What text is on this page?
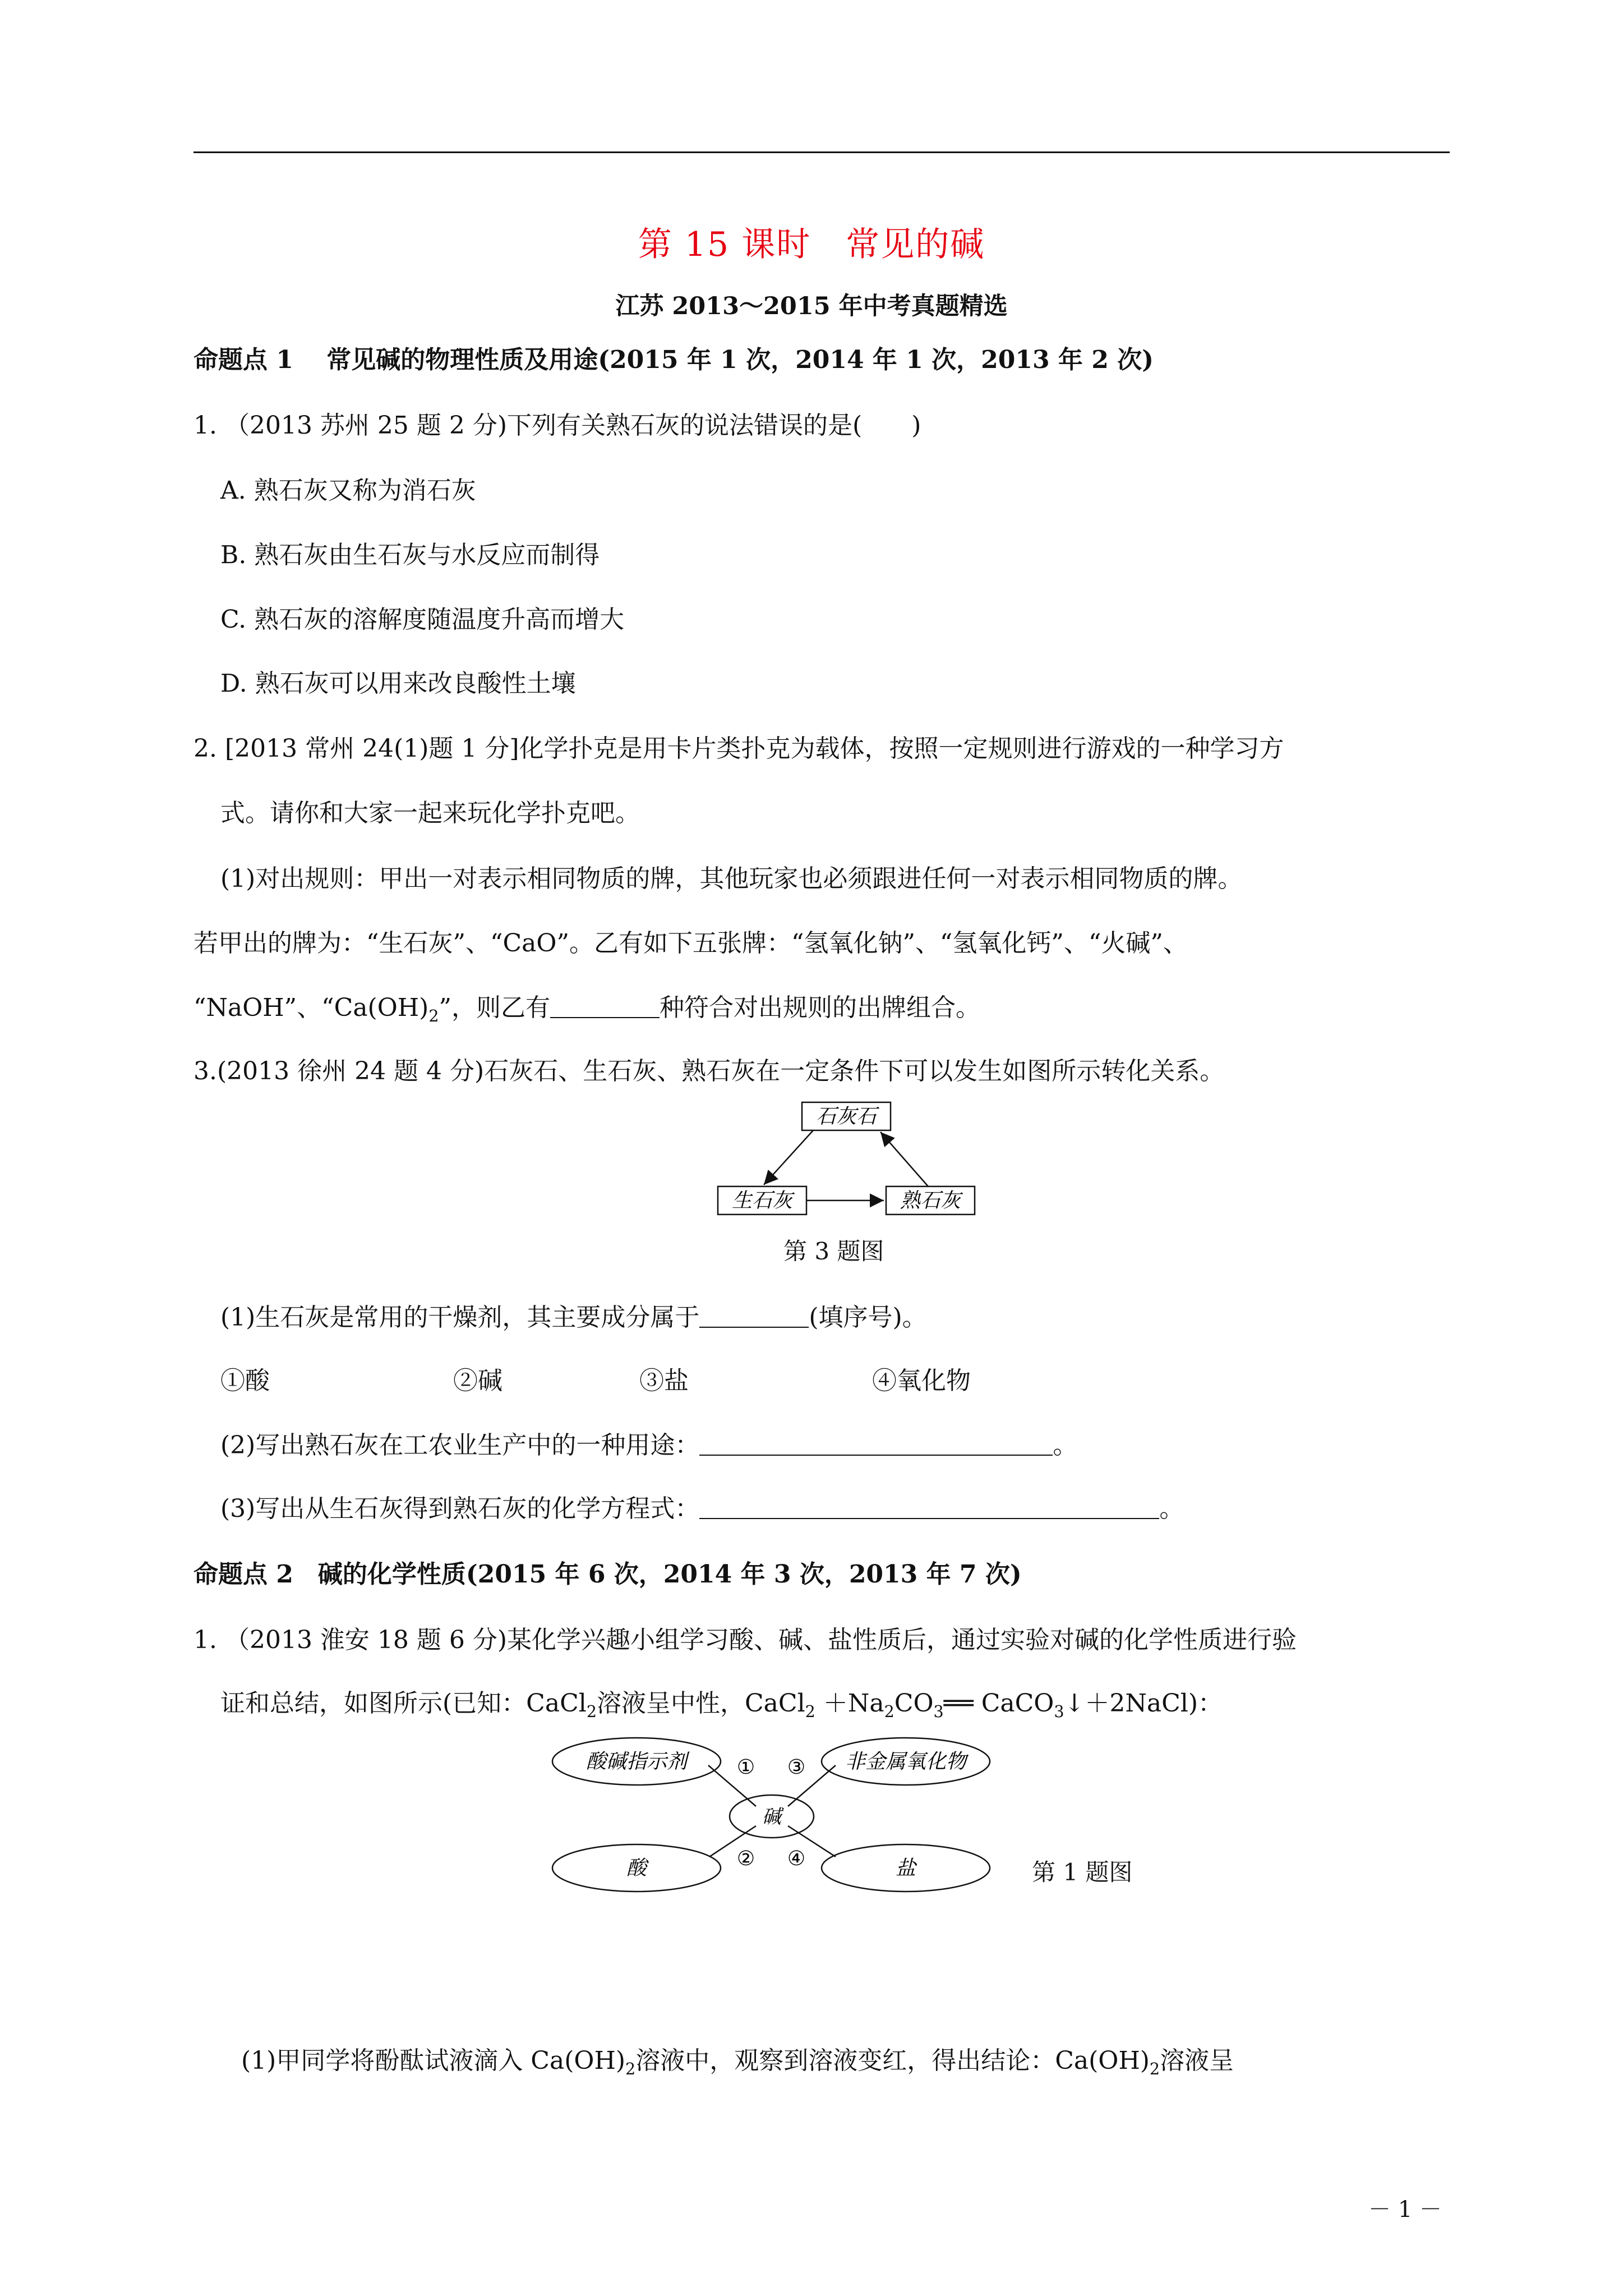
第 15 课时　常见的碱
江苏 2013～2015 年中考真题精选
命题点 1　 常见碱的物理性质及用途(2015 年 1 次，2014 年 1 次，2013 年 2 次)
1. （2013 苏州 25 题 2 分)下列有关熟石灰的说法错误的是(　　)
A. 熟石灰又称为消石灰
B. 熟石灰由生石灰与水反应而制得
C. 熟石灰的溶解度随温度升高而增大
D. 熟石灰可以用来改良酸性土壤
2. [2013 常州 24(1)题 1 分]化学扑克是用卡片类扑克为载体，按照一定规则进行游戏的一种学习方
式。请你和大家一起来玩化学扑克吧。
(1)对出规则：甲出一对表示相同物质的牌，其他玩家也必须跟进任何一对表示相同物质的牌。
若甲出的牌为：“生石灰”、“CaO”。乙有如下五张牌：“氢氧化钠”、“氢氧化钙”、“火碱”、
“NaOH”、“$Ca(OH)_2$”，则乙有	种符合对出规则的出牌组合。
3.(2013 徐州 24 题 4 分)石灰石、生石灰、熟石灰在一定条件下可以发生如图所示转化关系。
石灰石
生石灰	熟石灰
第 3 题图
(1)生石灰是常用的干燥剂，其主要成分属于	(填序号)。
①酸	②碱	③盐	④氧化物
(2)写出熟石灰在工农业生产中的一种用途：	。
(3)写出从生石灰得到熟石灰的化学方程式：	。
命题点 2　碱的化学性质(2015 年 6 次，2014 年 3 次，2013 年 7 次)
1. （2013 淮安 18 题 6 分)某化学兴趣小组学习酸、碱、盐性质后，通过实验对碱的化学性质进行验
证和总结，如图所示(已知：CaCl$_2$溶液呈中性，CaCl$_2$ $+Na_2CO_3══$ CaCO$_3$↓＋2NaCl)：
酸碱指示剂	非金属氧化物
酸	盐
碱
① ③
② ④	第 1 题图
(1)甲同学将酚酞试液滴入 $Ca(OH)_2$溶液中，观察到溶液变红，得出结论：$Ca(OH)_2$溶液呈
－ 1 －
